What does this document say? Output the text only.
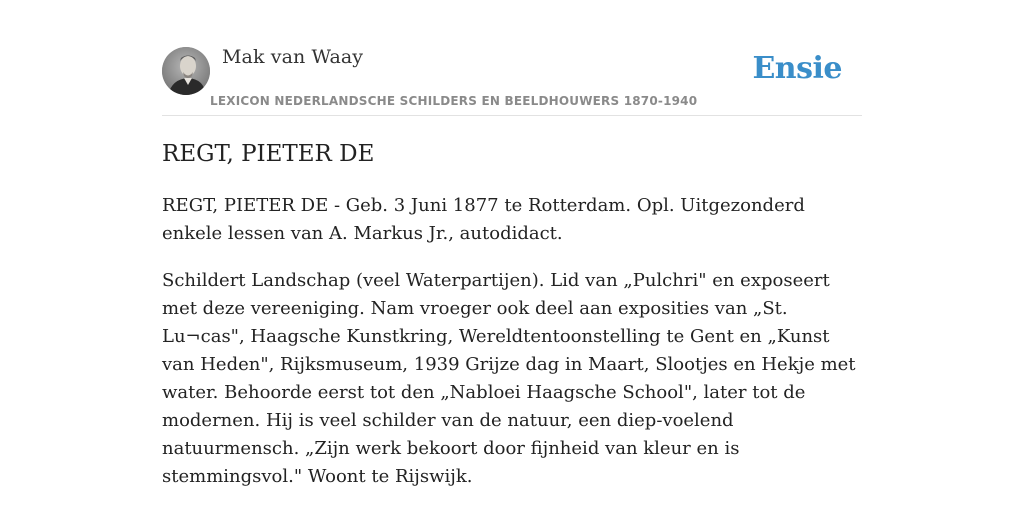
Mak van Waay
LEXICON NEDERLANDSCHE SCHILDERS EN BEELDHOUWERS 1870-1940
Ensie
REGT, PIETER DE

REGT, PIETER DE - Geb. 3 Juni 1877 te Rotterdam. Opl. Uitgezonderd enkele lessen van A. Markus Jr., autodidact.

Schildert Landschap (veel Waterpartijen). Lid van „Pulchri" en exposeert met deze vereeniging. Nam vroeger ook deel aan exposities van „St. Lu¬cas", Haagsche Kunstkring, Wereldtentoonstelling te Gent en „Kunst van Heden", Rijksmuseum, 1939 Grijze dag in Maart, Slootjes en Hekje met water. Behoorde eerst tot den „Nabloei Haagsche School", later tot de modernen. Hij is veel schilder van de natuur, een diep-voelend natuurmensch. „Zijn werk bekoort door fijnheid van kleur en is stemmingsvol." Woont te Rijswijk.
